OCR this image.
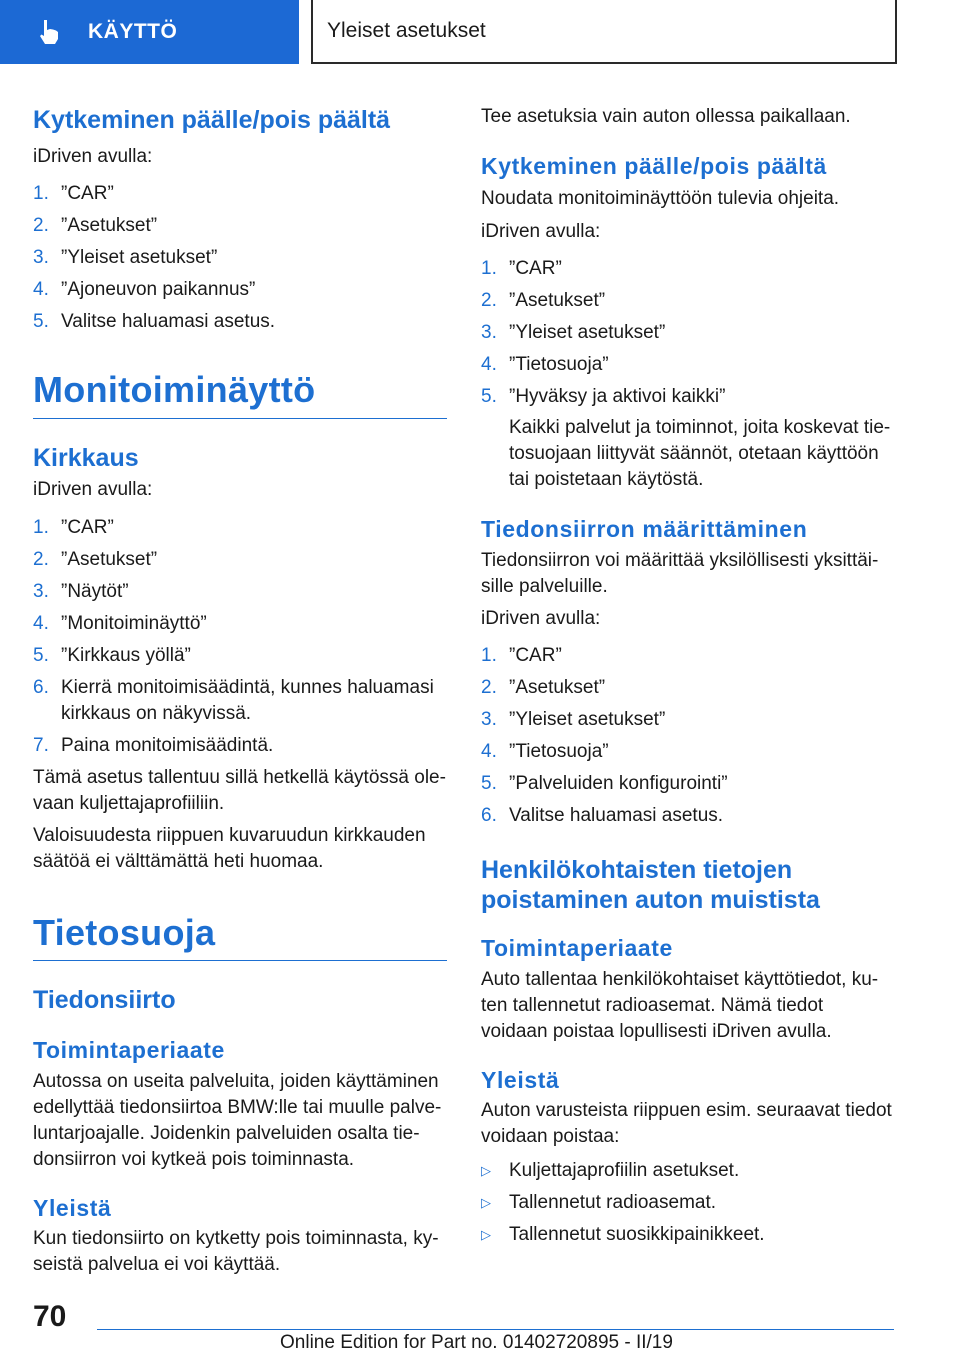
KÄYTTÖ	Yleiset asetukset
Kytkeminen päälle/pois päältä

iDriven avulla:

1. ”CAR”
2. ”Asetukset”
3. ”Yleiset asetukset”
4. ”Ajoneuvon paikannus”
5. Valitse haluamasi asetus.
Monitoiminäyttö
Kirkkaus

iDriven avulla:

1. ”CAR”
2. ”Asetukset”
3. ”Näytöt”
4. ”Monitoiminäyttö”
5. ”Kirkkaus yöllä”
6. Kierrä monitoimisäädintä, kunnes haluamasi kirkkaus on näkyvissä.
7. Paina monitoimisäädintä.

Tämä asetus tallentuu sillä hetkellä käytössä ole-vaan kuljettajaprofiiliin.

Valoisuudesta riippuen kuvaruudun kirkkauden säätöä ei välttämättä heti huomaa.

Tietosuoja
Tiedonsiirto
Toimintaperiaate

Autossa on useita palveluita, joiden käyttäminen edellyttää tiedonsiirtoa BMW:lle tai muulle palve-luntarjoajalle. Joidenkin palveluiden osalta tie-donsiirron voi kytkeä pois toiminnasta.

Yleistä

Kun tiedonsiirto on kytketty pois toiminnasta, ky-seistä palvelua ei voi käyttää.

Tee asetuksia vain auton ollessa paikallaan.

Kytkeminen päälle/pois päältä

Noudata monitoiminäyttöön tulevia ohjeita.

iDriven avulla:

1. ”CAR”
2. ”Asetukset”
3. ”Yleiset asetukset”
4. ”Tietosuoja”
5. ”Hyväksy ja aktivoi kaikki”

Kaikki palvelut ja toiminnot, joita koskevat tie-tosuojaan liittyvät säännöt, otetaan käyttöön tai poistetaan käytöstä.

Tiedonsiirron määrittäminen

Tiedonsiirron voi määrittää yksilöllisesti yksittäi-sille palveluille.

iDriven avulla:

1. ”CAR”
2. ”Asetukset”
3. ”Yleiset asetukset”
4. ”Tietosuoja”
5. ”Palveluiden konfigurointi”
6. Valitse haluamasi asetus.
Henkilökohtaisten tietojen
poistaminen auton muistista
Toimintaperiaate

Auto tallentaa henkilökohtaiset käyttötiedot, ku-ten tallennetut radioasemat. Nämä tiedot voidaan poistaa lopullisesti iDriven avulla.

Yleistä

Auton varusteista riippuen esim. seuraavat tiedot voidaan poistaa:

▷ Kuljettajaprofiilin asetukset.
▷ Tallennetut radioasemat.
▷ Tallennetut suosikkipainikkeet.
70
Online Edition for Part no. 01402720895 - II/19
